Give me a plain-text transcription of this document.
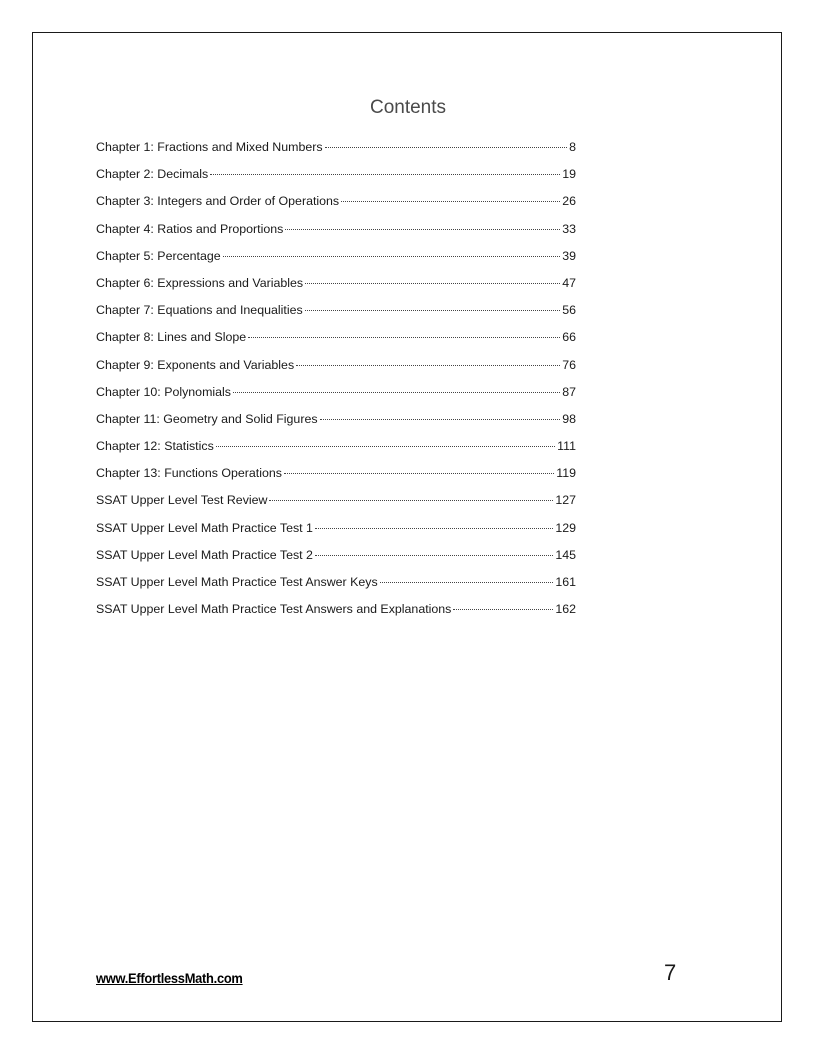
Contents
Chapter 1: Fractions and Mixed Numbers	8
Chapter 2: Decimals	19
Chapter 3: Integers and Order of Operations	26
Chapter 4: Ratios and Proportions	33
Chapter 5: Percentage	39
Chapter 6: Expressions and Variables	47
Chapter 7: Equations and Inequalities	56
Chapter 8: Lines and Slope	66
Chapter 9: Exponents and Variables	76
Chapter 10: Polynomials	87
Chapter 11: Geometry and Solid Figures	98
Chapter 12: Statistics	111
Chapter 13: Functions Operations	119
SSAT Upper Level Test Review	127
SSAT Upper Level Math Practice Test 1	129
SSAT Upper Level Math Practice Test 2	145
SSAT Upper Level Math Practice Test Answer Keys	161
SSAT Upper Level Math Practice Test Answers and Explanations	162
www.EffortlessMath.com	7
